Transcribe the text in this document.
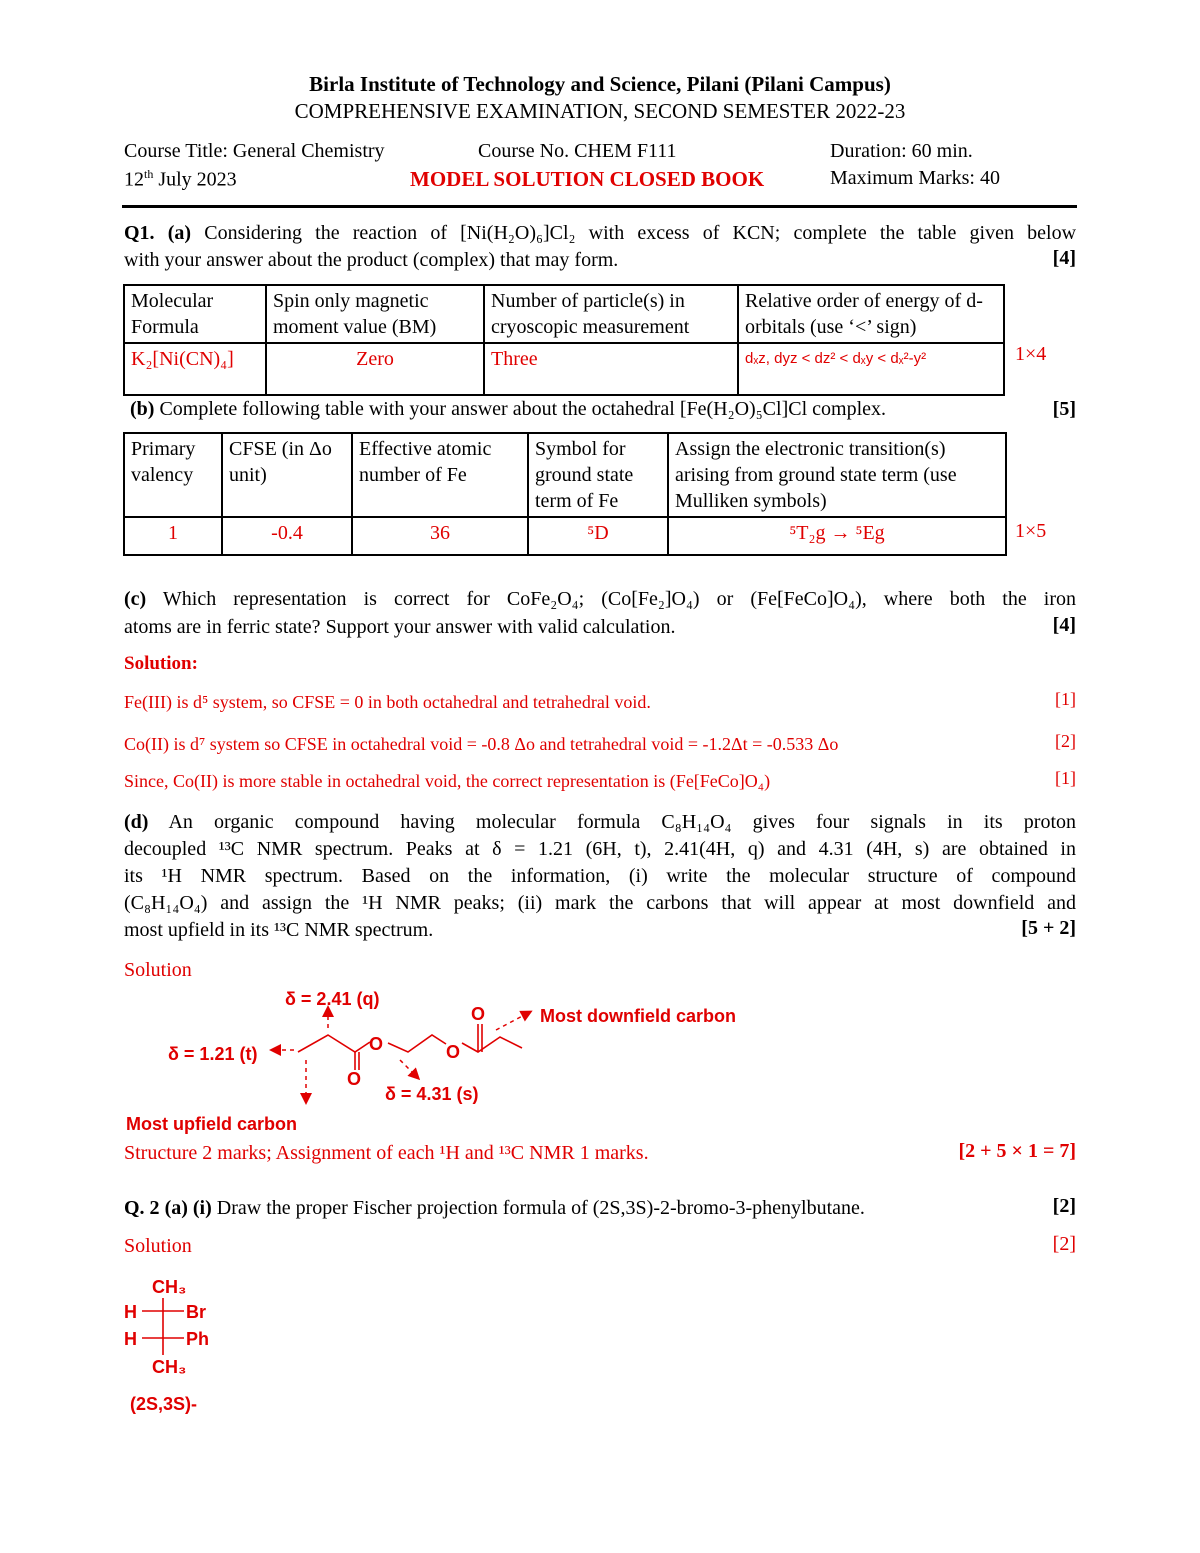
Birla Institute of Technology and Science, Pilani (Pilani Campus)
COMPREHENSIVE EXAMINATION, SECOND SEMESTER 2022-23
Course Title: General Chemistry	Course No. CHEM F111	Duration: 60 min.
12th July 2023	MODEL SOLUTION CLOSED BOOK	Maximum Marks: 40
Q1. (a) Considering the reaction of [Ni(H₂O)₆]Cl₂ with excess of KCN; complete the table given below
with your answer about the product (complex) that may form.	[4]
Molecular Formula	Spin only magnetic moment value (BM)	Number of particle(s) in cryoscopic measurement	Relative order of energy of d-orbitals (use ‘<’ sign)
K₂[Ni(CN)₄]	Zero	Three	dₓz, dyz < dz² < dₓy < dₓ²-y²	1×4
(b) Complete following table with your answer about the octahedral [Fe(H₂O)₅Cl]Cl complex.	[5]
Primary valency	CFSE (in Δo unit)	Effective atomic number of Fe	Symbol for ground state term of Fe	Assign the electronic transition(s) arising from ground state term (use Mulliken symbols)
1	-0.4	36	⁵D	⁵T₂g → ⁵Eg	1×5
(c) Which representation is correct for CoFe₂O₄; (Co[Fe₂]O₄) or (Fe[FeCo]O₄), where both the iron
atoms are in ferric state? Support your answer with valid calculation.	[4]
Solution:
Fe(III) is d⁵ system, so CFSE = 0 in both octahedral and tetrahedral void.	[1]
Co(II) is d⁷ system so CFSE in octahedral void = -0.8 Δo and tetrahedral void = -1.2Δt = -0.533 Δo	[2]
Since, Co(II) is more stable in octahedral void, the correct representation is (Fe[FeCo]O₄)	[1]
(d) An organic compound having molecular formula C₈H₁₄O₄ gives four signals in its proton
decoupled ¹³C NMR spectrum. Peaks at δ = 1.21 (6H, t), 2.41(4H, q) and 4.31 (4H, s) are obtained in
its ¹H NMR spectrum. Based on the information, (i) write the molecular structure of compound
(C₈H₁₄O₄) and assign the ¹H NMR peaks; (ii) mark the carbons that will appear at most downfield and
most upfield in its ¹³C NMR spectrum.	[5 + 2]
Solution
O
O
O
O
δ = 2.41 (q)
δ = 1.21 (t)
δ = 4.31 (s)
Most downfield carbon
Most upfield carbon
Structure 2 marks; Assignment of each ¹H and ¹³C NMR 1 marks.	[2 + 5 × 1 = 7]
Q. 2 (a) (i) Draw the proper Fischer projection formula of (2S,3S)-2-bromo-3-phenylbutane.	[2]
Solution	[2]
CH₃
H	Br
H	Ph
CH₃
(2S,3S)-
